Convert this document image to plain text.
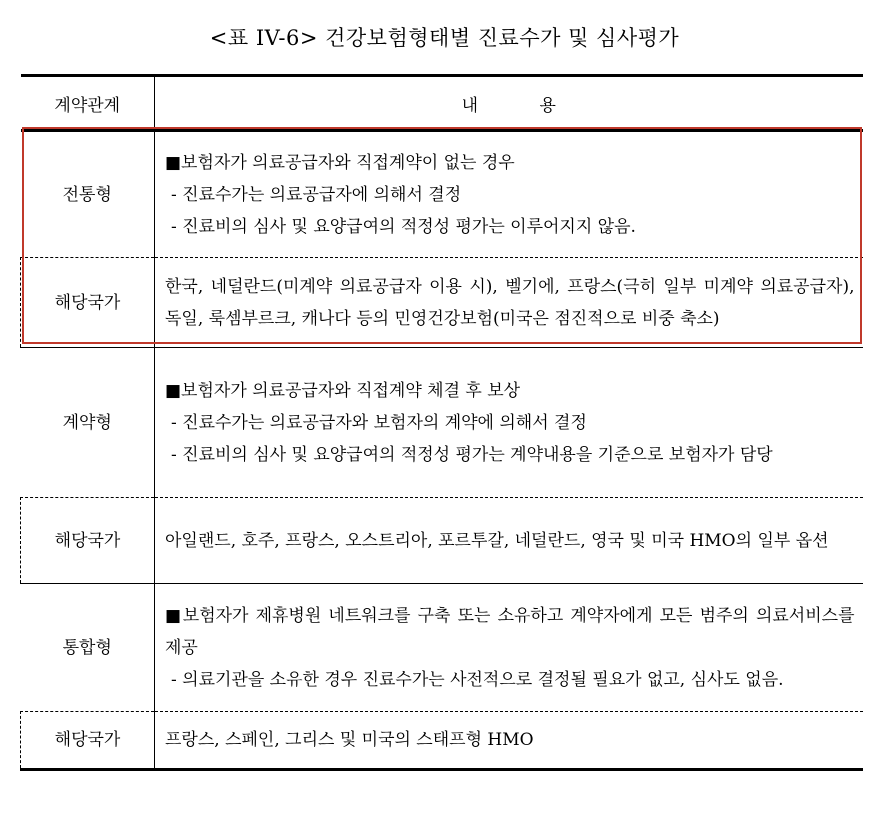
<표 IV-6> 건강보험형태별 진료수가 및 심사평가
계약관계	내 용
전통형	■보험자가 의료공급자와 직접계약이 없는 경우
- 진료수가는 의료공급자에 의해서 결정
- 진료비의 심사 및 요양급여의 적정성 평가는 이루어지지 않음.

해당국가	한국, 네덜란드(미계약 의료공급자 이용 시), 벨기에, 프랑스(극히 일부 미계약 의료공급자), 독일, 룩셈부르크, 캐나다 등의 민영건강보험(미국은 점진적으로 비중 축소)
계약형	■보험자가 의료공급자와 직접계약 체결 후 보상
- 진료수가는 의료공급자와 보험자의 계약에 의해서 결정
- 진료비의 심사 및 요양급여의 적정성 평가는 계약내용을 기준으로 보험자가 담당

해당국가	아일랜드, 호주, 프랑스, 오스트리아, 포르투갈, 네덜란드, 영국 및 미국 HMO의 일부 옵션
통합형	■보험자가 제휴병원 네트워크를 구축 또는 소유하고 계약자에게 모든 범주의 의료서비스를 제공
- 의료기관을 소유한 경우 진료수가는 사전적으로 결정될 필요가 없고, 심사도 없음.

해당국가	프랑스, 스페인, 그리스 및 미국의 스태프형 HMO
